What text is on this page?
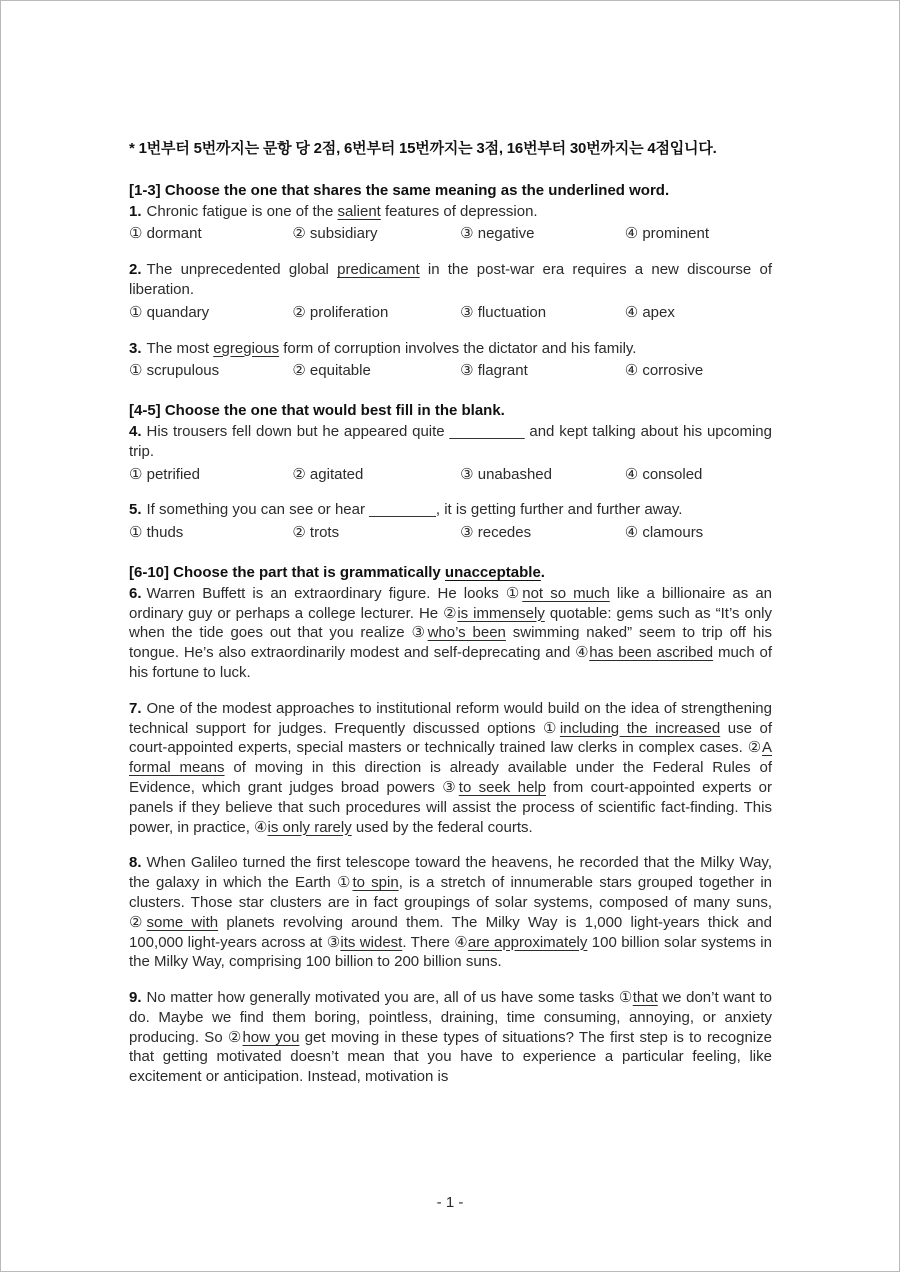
* 1번부터 5번까지는 문항 당 2점, 6번부터 15번까지는 3점, 16번부터 30번까지는 4점입니다.

[1-3] Choose the one that shares the same meaning as the underlined word.

1. Chronic fatigue is one of the salient features of depression.

① dormant	② subsidiary	③ negative	④ prominent

2. The unprecedented global predicament in the post-war era requires a new discourse of liberation.

① quandary	② proliferation	③ fluctuation	④ apex

3. The most egregious form of corruption involves the dictator and his family.

① scrupulous	② equitable	③ flagrant	④ corrosive

[4-5] Choose the one that would best fill in the blank.

4. His trousers fell down but he appeared quite _________ and kept talking about his upcoming trip.

① petrified	② agitated	③ unabashed	④ consoled

5. If something you can see or hear ________, it is getting further and further away.

① thuds	② trots	③ recedes	④ clamours

[6-10] Choose the part that is grammatically unacceptable.

6. Warren Buffett is an extraordinary figure. He looks ①not so much like a billionaire as an ordinary guy or perhaps a college lecturer. He ②is immensely quotable: gems such as “It’s only when the tide goes out that you realize ③who’s been swimming naked” seem to trip off his tongue. He’s also extraordinarily modest and self-deprecating and ④has been ascribed much of his fortune to luck.

7. One of the modest approaches to institutional reform would build on the idea of strengthening technical support for judges. Frequently discussed options ①including the increased use of court-appointed experts, special masters or technically trained law clerks in complex cases. ②A formal means of moving in this direction is already available under the Federal Rules of Evidence, which grant judges broad powers ③to seek help from court-appointed experts or panels if they believe that such procedures will assist the process of scientific fact-finding. This power, in practice, ④is only rarely used by the federal courts.

8. When Galileo turned the first telescope toward the heavens, he recorded that the Milky Way, the galaxy in which the Earth ①to spin, is a stretch of innumerable stars grouped together in clusters. Those star clusters are in fact groupings of solar systems, composed of many suns, ②some with planets revolving around them. The Milky Way is 1,000 light-years thick and 100,000 light-years across at ③its widest. There ④are approximately 100 billion solar systems in the Milky Way, comprising 100 billion to 200 billion suns.

9. No matter how generally motivated you are, all of us have some tasks ①that we don’t want to do. Maybe we find them boring, pointless, draining, time consuming, annoying, or anxiety producing. So ②how you get moving in these types of situations? The first step is to recognize that getting motivated doesn’t mean that you have to experience a particular feeling, like excitement or anticipation. Instead, motivation is

- 1 -
